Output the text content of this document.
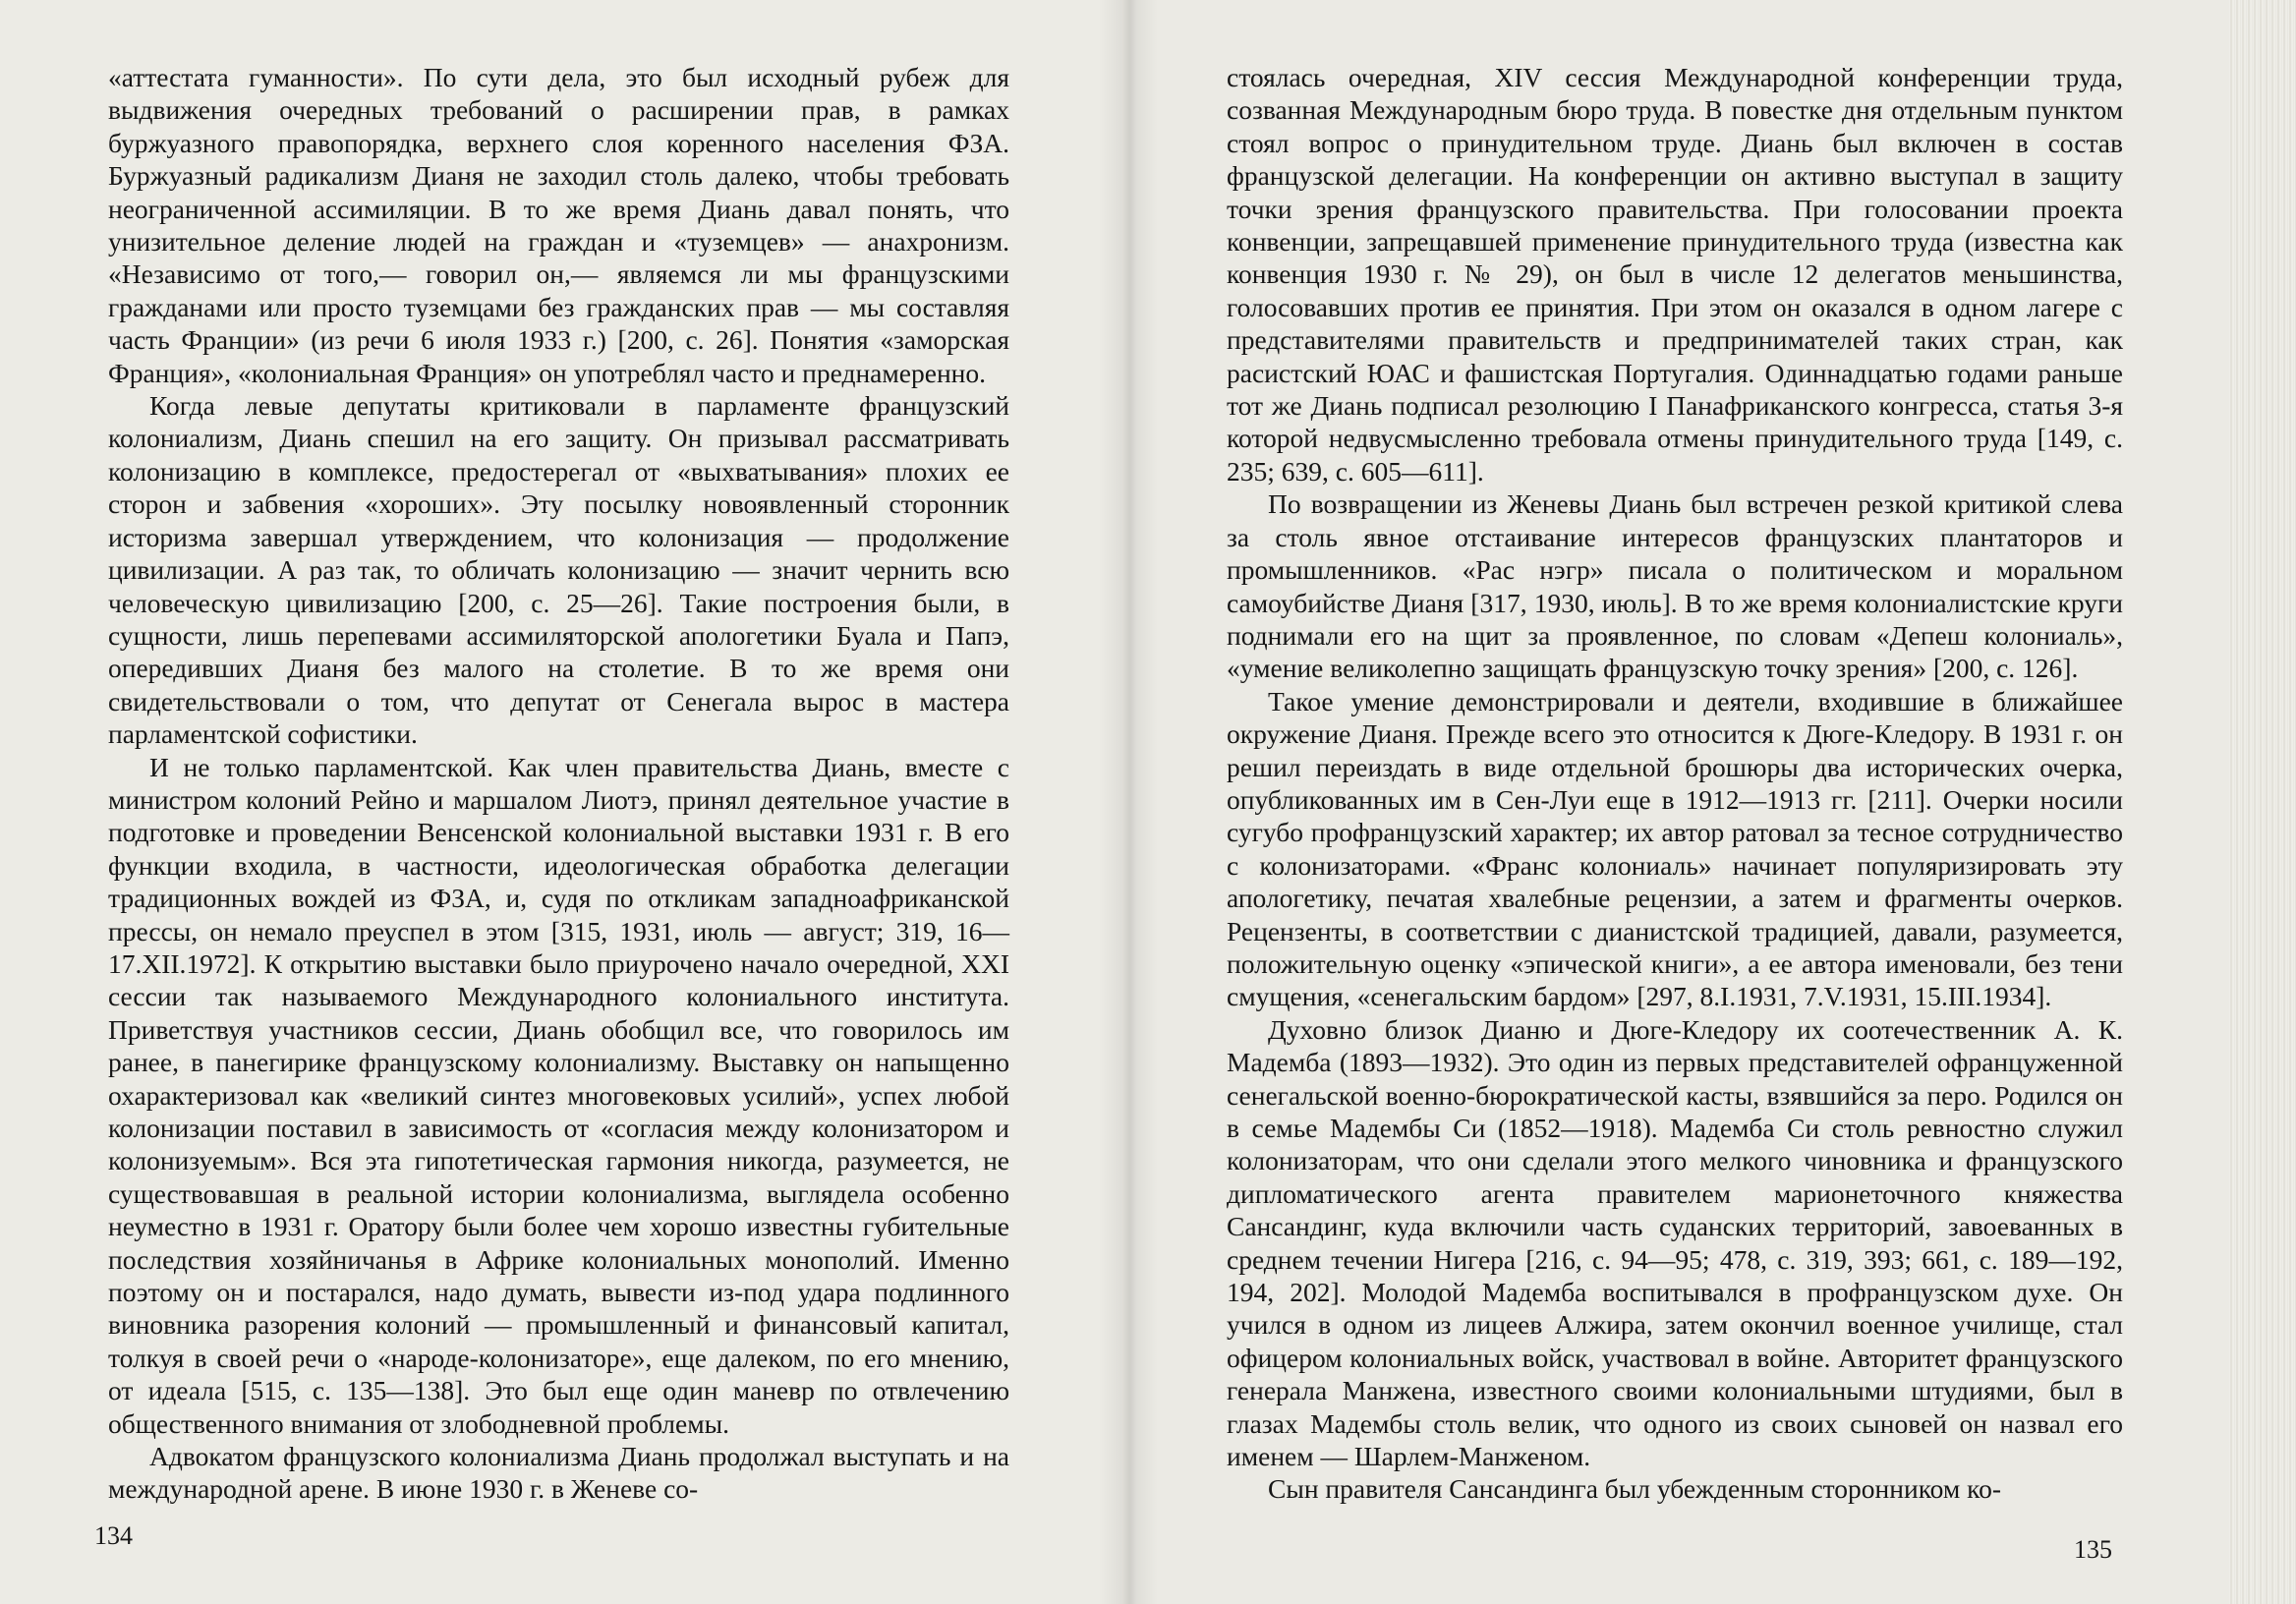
«аттестата гуманности». По сути дела, это был исходный рубеж для выдвижения очередных требований о расширении прав, в рамках буржуазного правопорядка, верхнего слоя коренного населения ФЗА. Буржуазный радикализм Дианя не заходил столь далеко, чтобы требовать неограниченной ассимиляции. В то же время Диань давал понять, что унизительное деление людей на граждан и «туземцев» — анахронизм. «Независимо от того,— говорил он,— являемся ли мы французскими гражданами или просто туземцами без гражданских прав — мы составляя часть Франции» (из речи 6 июля 1933 г.) [200, с. 26]. Понятия «заморская Франция», «колониальная Франция» он употреблял часто и преднамеренно.

Когда левые депутаты критиковали в парламенте французский колониализм, Диань спешил на его защиту. Он призывал рассматривать колонизацию в комплексе, предостерегал от «выхватывания» плохих ее сторон и забвения «хороших». Эту посылку новоявленный сторонник историзма завершал утверждением, что колонизация — продолжение цивилизации. А раз так, то обличать колонизацию — значит чернить всю человеческую цивилизацию [200, с. 25—26]. Такие построения были, в сущности, лишь перепевами ассимиляторской апологетики Буала и Папэ, опередивших Дианя без малого на столетие. В то же время они свидетельствовали о том, что депутат от Сенегала вырос в мастера парламентской софистики.

И не только парламентской. Как член правительства Диань, вместе с министром колоний Рейно и маршалом Лиотэ, принял деятельное участие в подготовке и проведении Венсенской колониальной выставки 1931 г. В его функции входила, в частности, идеологическая обработка делегации традиционных вождей из ФЗА, и, судя по откликам западноафриканской прессы, он немало преуспел в этом [315, 1931, июль — август; 319, 16—17.XII.1972]. К открытию выставки было приурочено начало очередной, XXI сессии так называемого Международного колониального института. Приветствуя участников сессии, Диань обобщил все, что говорилось им ранее, в панегирике французскому колониализму. Выставку он напыщенно охарактеризовал как «великий синтез многовековых усилий», успех любой колонизации поставил в зависимость от «согласия между колонизатором и колонизуемым». Вся эта гипотетическая гармония никогда, разумеется, не существовавшая в реальной истории колониализма, выглядела особенно неуместно в 1931 г. Оратору были более чем хорошо известны губительные последствия хозяйничанья в Африке колониальных монополий. Именно поэтому он и постарался, надо думать, вывести из-под удара подлинного виновника разорения колоний — промышленный и финансовый капитал, толкуя в своей речи о «народе-колонизаторе», еще далеком, по его мнению, от идеала [515, с. 135—138]. Это был еще один маневр по отвлечению общественного внимания от злободневной проблемы.

Адвокатом французского колониализма Диань продолжал выступать и на международной арене. В июне 1930 г. в Женеве со-

стоялась очередная, XIV сессия Международной конференции труда, созванная Международным бюро труда. В повестке дня отдельным пунктом стоял вопрос о принудительном труде. Диань был включен в состав французской делегации. На конференции он активно выступал в защиту точки зрения французского правительства. При голосовании проекта конвенции, запрещавшей применение принудительного труда (известна как конвенция 1930 г. № 29), он был в числе 12 делегатов меньшинства, голосовавших против ее принятия. При этом он оказался в одном лагере с представителями правительств и предпринимателей таких стран, как расистский ЮАС и фашистская Португалия. Одиннадцатью годами раньше тот же Диань подписал резолюцию I Панафриканского конгресса, статья 3-я которой недвусмысленно требовала отмены принудительного труда [149, с. 235; 639, с. 605—611].

По возвращении из Женевы Диань был встречен резкой критикой слева за столь явное отстаивание интересов французских плантаторов и промышленников. «Рас нэгр» писала о политическом и моральном самоубийстве Дианя [317, 1930, июль]. В то же время колониалистские круги поднимали его на щит за проявленное, по словам «Депеш колониаль», «умение великолепно защищать французскую точку зрения» [200, с. 126].

Такое умение демонстрировали и деятели, входившие в ближайшее окружение Дианя. Прежде всего это относится к Дюге-Кледору. В 1931 г. он решил переиздать в виде отдельной брошюры два исторических очерка, опубликованных им в Сен-Луи еще в 1912—1913 гг. [211]. Очерки носили сугубо профранцузский характер; их автор ратовал за тесное сотрудничество с колонизаторами. «Франс колониаль» начинает популяризировать эту апологетику, печатая хвалебные рецензии, а затем и фрагменты очерков. Рецензенты, в соответствии с дианистской традицией, давали, разумеется, положительную оценку «эпической книги», а ее автора именовали, без тени смущения, «сенегальским бардом» [297, 8.I.1931, 7.V.1931, 15.III.1934].

Духовно близок Дианю и Дюге-Кледору их соотечественник А. К. Мадемба (1893—1932). Это один из первых представителей офранцуженной сенегальской военно-бюрократической касты, взявшийся за перо. Родился он в семье Мадембы Си (1852—1918). Мадемба Си столь ревностно служил колонизаторам, что они сделали этого мелкого чиновника и французского дипломатического агента правителем марионеточного княжества Сансандинг, куда включили часть суданских территорий, завоеванных в среднем течении Нигера [216, с. 94—95; 478, с. 319, 393; 661, с. 189—192, 194, 202]. Молодой Мадемба воспитывался в профранцузском духе. Он учился в одном из лицеев Алжира, затем окончил военное училище, стал офицером колониальных войск, участвовал в войне. Авторитет французского генерала Манжена, известного своими колониальными штудиями, был в глазах Мадембы столь велик, что одного из своих сыновей он назвал его именем — Шарлем-Манженом.

Сын правителя Сансандинга был убежденным сторонником ко-

134	135
